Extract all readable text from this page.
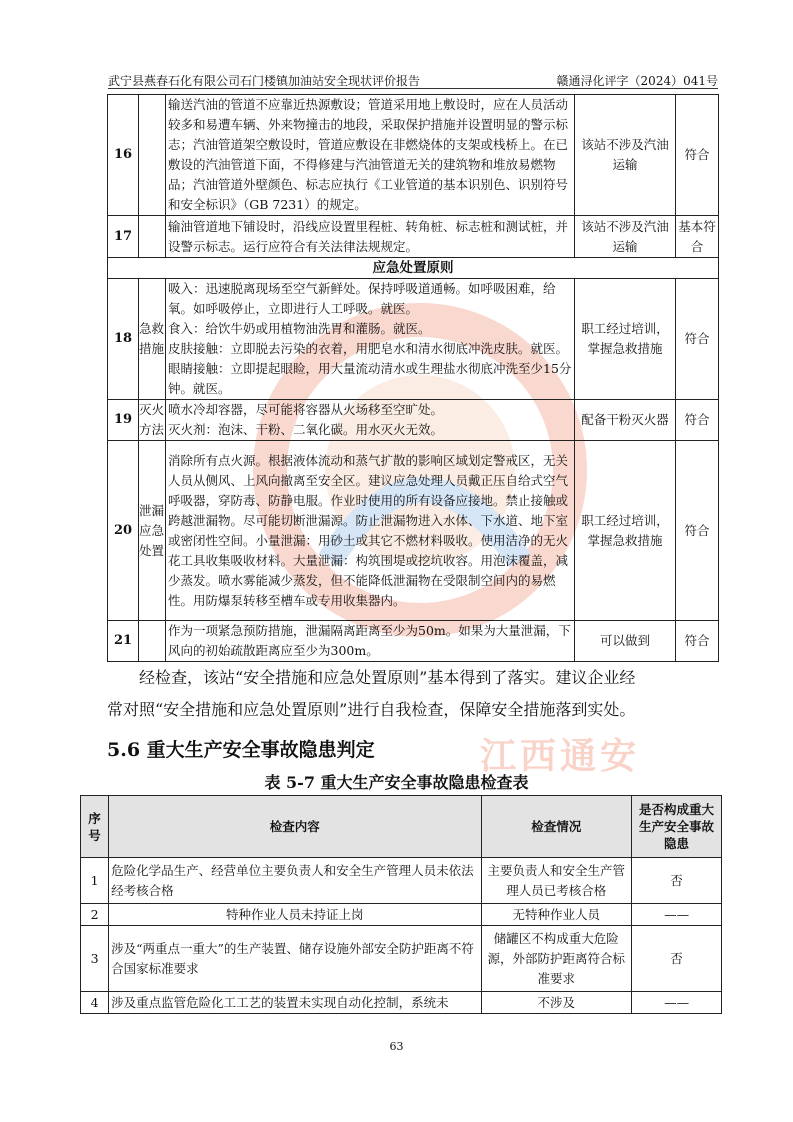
江西通安
武宁县燕春石化有限公司石门楼镇加油站安全现状评价报告	赣通浔化评字（2024）041号
16		输送汽油的管道不应靠近热源敷设；管道采用地上敷设时，应在人员活动较多和易遭车辆、外来物撞击的地段，采取保护措施并设置明显的警示标志；汽油管道架空敷设时，管道应敷设在非燃烧体的支架或栈桥上。在已敷设的汽油管道下面，不得修建与汽油管道无关的建筑物和堆放易燃物品；汽油管道外壁颜色、标志应执行《工业管道的基本识别色、识别符号和安全标识》（GB 7231）的规定。	该站不涉及汽油运输	符合
17		输油管道地下铺设时，沿线应设置里程桩、转角桩、标志桩和测试桩，并设警示标志。运行应符合有关法律法规规定。	该站不涉及汽油运输	基本符合
应急处置原则				
18	急救措施	吸入：迅速脱离现场至空气新鲜处。保持呼吸道通畅。如呼吸困难，给氧。如呼吸停止，立即进行人工呼吸。就医。
食入：给饮牛奶或用植物油洗胃和灌肠。就医。
皮肤接触：立即脱去污染的衣着，用肥皂水和清水彻底冲洗皮肤。就医。
眼睛接触：立即提起眼睑，用大量流动清水或生理盐水彻底冲洗至少15分钟。就医。	职工经过培训，掌握急救措施	符合
19	灭火方法	喷水冷却容器，尽可能将容器从火场移至空旷处。
灭火剂：泡沫、干粉、二氧化碳。用水灭火无效。	配备干粉灭火器	符合
20	泄漏应急处置	消除所有点火源。根据液体流动和蒸气扩散的影响区域划定警戒区，无关人员从侧风、上风向撤离至安全区。建议应急处理人员戴正压自给式空气呼吸器，穿防毒、防静电服。作业时使用的所有设备应接地。禁止接触或跨越泄漏物。尽可能切断泄漏源。防止泄漏物进入水体、下水道、地下室或密闭性空间。小量泄漏：用砂土或其它不燃材料吸收。使用洁净的无火花工具收集吸收材料。大量泄漏：构筑围堤或挖坑收容。用泡沫覆盖，减少蒸发。喷水雾能减少蒸发，但不能降低泄漏物在受限制空间内的易燃性。用防爆泵转移至槽车或专用收集器内。	职工经过培训，掌握急救措施	符合
21		作为一项紧急预防措施，泄漏隔离距离至少为50m。如果为大量泄漏，下风向的初始疏散距离应至少为300m。	可以做到	符合
经检查，该站“安全措施和应急处置原则”基本得到了落实。建议企业经
常对照“安全措施和应急处置原则”进行自我检查，保障安全措施落到实处。
5.6 重大生产安全事故隐患判定
表 5-7 重大生产安全事故隐患检查表
序号	检查内容	检查情况	是否构成重大生产安全事故隐患
1	危险化学品生产、经营单位主要负责人和安全生产管理人员未依法经考核合格	主要负责人和安全生产管理人员已考核合格	否
2	特种作业人员未持证上岗	无特种作业人员	——
3	涉及“两重点一重大”的生产装置、储存设施外部安全防护距离不符合国家标准要求	储罐区不构成重大危险源，外部防护距离符合标准要求	否
4	涉及重点监管危险化工工艺的装置未实现自动化控制，系统未	不涉及	——
63
